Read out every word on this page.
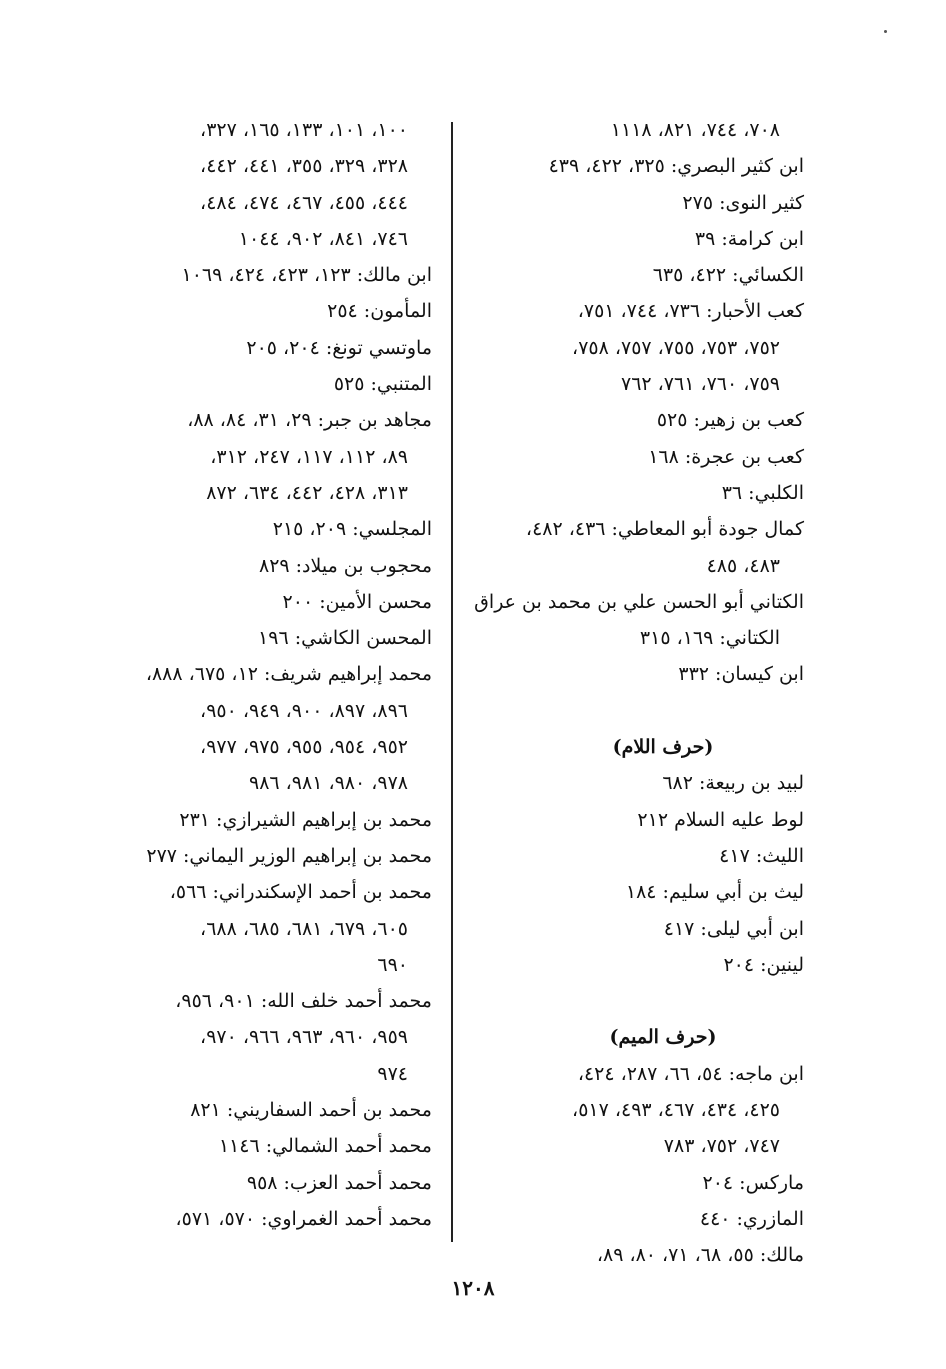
٧٠٨، ٧٤٤، ٨٢١، ١١١٨
ابن كثير البصري: ٣٢٥، ٤٢٢، ٤٣٩
كثير النوى: ٢٧٥
ابن كرامة: ٣٩
الكسائي: ٤٢٢، ٦٣٥
كعب الأحبار: ٧٣٦، ٧٤٤، ٧٥١،
٧٥٢، ٧٥٣، ٧٥٥، ٧٥٧، ٧٥٨،
٧٥٩، ٧٦٠، ٧٦١، ٧٦٢
كعب بن زهير: ٥٢٥
كعب بن عجرة: ١٦٨
الكلبي: ٣٦
كمال جودة أبو المعاطي: ٤٣٦، ٤٨٢،
٤٨٣، ٤٨٥
الكتاني أبو الحسن علي بن محمد بن عراق
الكتاني: ١٦٩، ٣١٥
ابن كيسان: ٣٣٢
(حرف اللام)
لبيد بن ربيعة: ٦٨٢
لوط عليه السلام ٢١٢
الليث: ٤١٧
ليث بن أبي سليم: ١٨٤
ابن أبي ليلى: ٤١٧
لينين: ٢٠٤
(حرف الميم)
ابن ماجه: ٥٤، ٦٦، ٢٨٧، ٤٢٤،
٤٢٥، ٤٣٤، ٤٦٧، ٤٩٣، ٥١٧،
٧٤٧، ٧٥٢، ٧٨٣
ماركس: ٢٠٤
المازري: ٤٤٠
مالك: ٥٥، ٦٨، ٧١، ٨٠، ٨٩،
١٠٠، ١٠١، ١٣٣، ١٦٥، ٣٢٧،
٣٢٨، ٣٢٩، ٣٥٥، ٤٤١، ٤٤٢،
٤٤٤، ٤٥٥، ٤٦٧، ٤٧٤، ٤٨٤،
٧٤٦، ٨٤١، ٩٠٢، ١٠٤٤
ابن مالك: ١٢٣، ٤٢٣، ٤٢٤، ١٠٦٩
المأمون: ٢٥٤
ماوتسي تونغ: ٢٠٤، ٢٠٥
المتنبي: ٥٢٥
مجاهد بن جبر: ٢٩، ٣١، ٨٤، ٨٨،
٨٩، ١١٢، ١١٧، ٢٤٧، ٣١٢،
٣١٣، ٤٢٨، ٤٤٢، ٦٣٤، ٨٧٢
المجلسي: ٢٠٩، ٢١٥
محجوب بن ميلاد: ٨٢٩
محسن الأمين: ٢٠٠
المحسن الكاشي: ١٩٦
محمد إبراهيم شريف: ١٢، ٦٧٥، ٨٨٨،
٨٩٦، ٨٩٧، ٩٠٠، ٩٤٩، ٩٥٠،
٩٥٢، ٩٥٤، ٩٥٥، ٩٧٥، ٩٧٧،
٩٧٨، ٩٨٠، ٩٨١، ٩٨٦
محمد بن إبراهيم الشيرازي: ٢٣١
محمد بن إبراهيم الوزير اليماني: ٢٧٧
محمد بن أحمد الإسكندراني: ٥٦٦،
٦٠٥، ٦٧٩، ٦٨١، ٦٨٥، ٦٨٨،
٦٩٠
محمد أحمد خلف الله: ٩٠١، ٩٥٦،
٩٥٩، ٩٦٠، ٩٦٣، ٩٦٦، ٩٧٠،
٩٧٤
محمد بن أحمد السفاريني: ٨٢١
محمد أحمد الشمالي: ١١٤٦
محمد أحمد العزب: ٩٥٨
محمد أحمد الغمراوي: ٥٧٠، ٥٧١،
١٢٠٨
